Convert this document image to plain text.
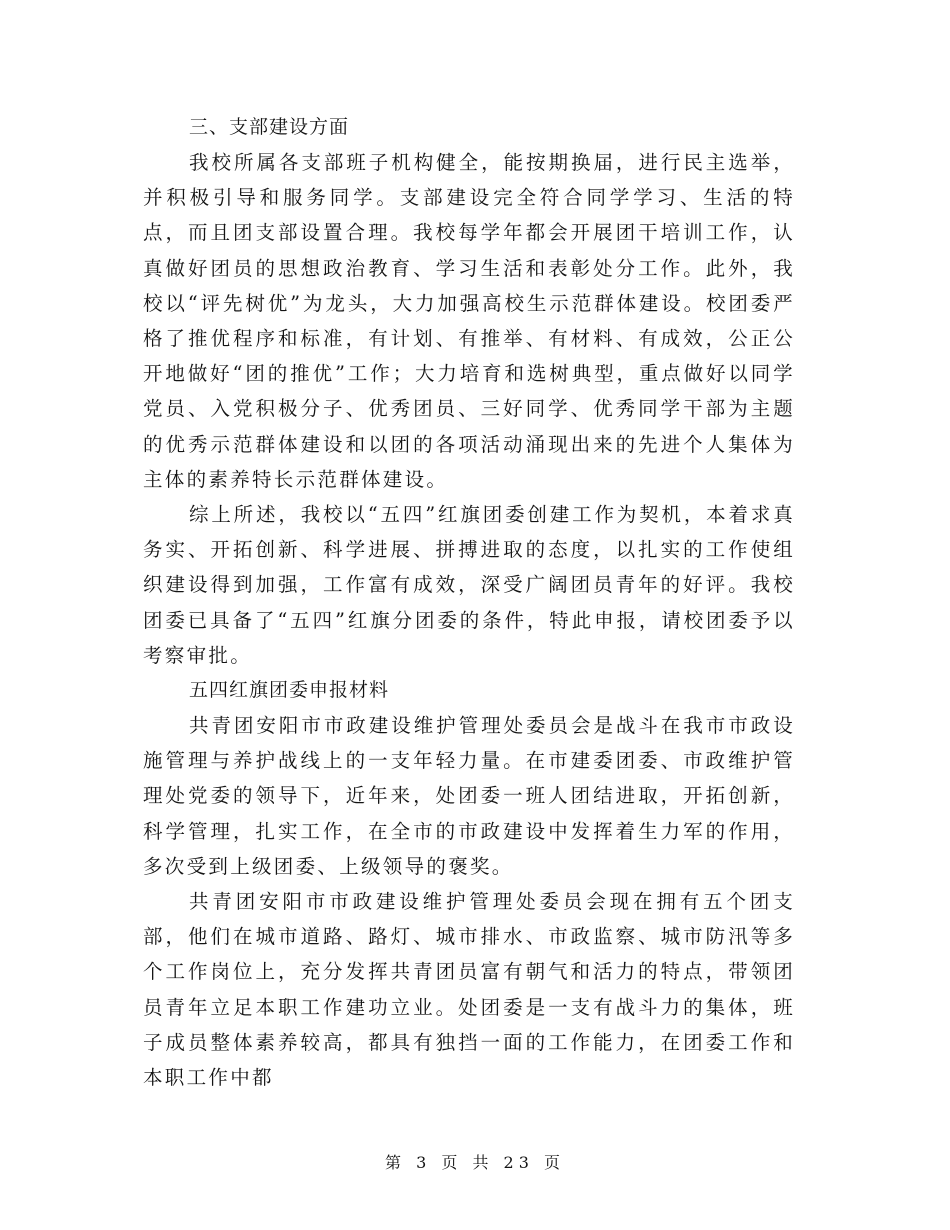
三、支部建设方面

我校所属各支部班子机构健全，能按期换届，进行民主选举，并积极引导和服务同学。支部建设完全符合同学学习、生活的特点，而且团支部设置合理。我校每学年都会开展团干培训工作，认真做好团员的思想政治教育、学习生活和表彰处分工作。此外，我校以“评先树优”为龙头，大力加强高校生示范群体建设。校团委严格了推优程序和标准，有计划、有推举、有材料、有成效，公正公开地做好“团的推优”工作；大力培育和选树典型，重点做好以同学党员、入党积极分子、优秀团员、三好同学、优秀同学干部为主题的优秀示范群体建设和以团的各项活动涌现出来的先进个人集体为主体的素养特长示范群体建设。

综上所述，我校以“五四”红旗团委创建工作为契机，本着求真务实、开拓创新、科学进展、拼搏进取的态度，以扎实的工作使组织建设得到加强，工作富有成效，深受广阔团员青年的好评。我校团委已具备了“五四”红旗分团委的条件，特此申报，请校团委予以考察审批。

五四红旗团委申报材料

共青团安阳市市政建设维护管理处委员会是战斗在我市市政设施管理与养护战线上的一支年轻力量。在市建委团委、市政维护管理处党委的领导下，近年来，处团委一班人团结进取，开拓创新，科学管理，扎实工作，在全市的市政建设中发挥着生力军的作用，多次受到上级团委、上级领导的褒奖。

共青团安阳市市政建设维护管理处委员会现在拥有五个团支部，他们在城市道路、路灯、城市排水、市政监察、城市防汛等多个工作岗位上，充分发挥共青团员富有朝气和活力的特点，带领团员青年立足本职工作建功立业。处团委是一支有战斗力的集体，班子成员整体素养较高，都具有独挡一面的工作能力，在团委工作和本职工作中都

第 3 页 共 23 页
